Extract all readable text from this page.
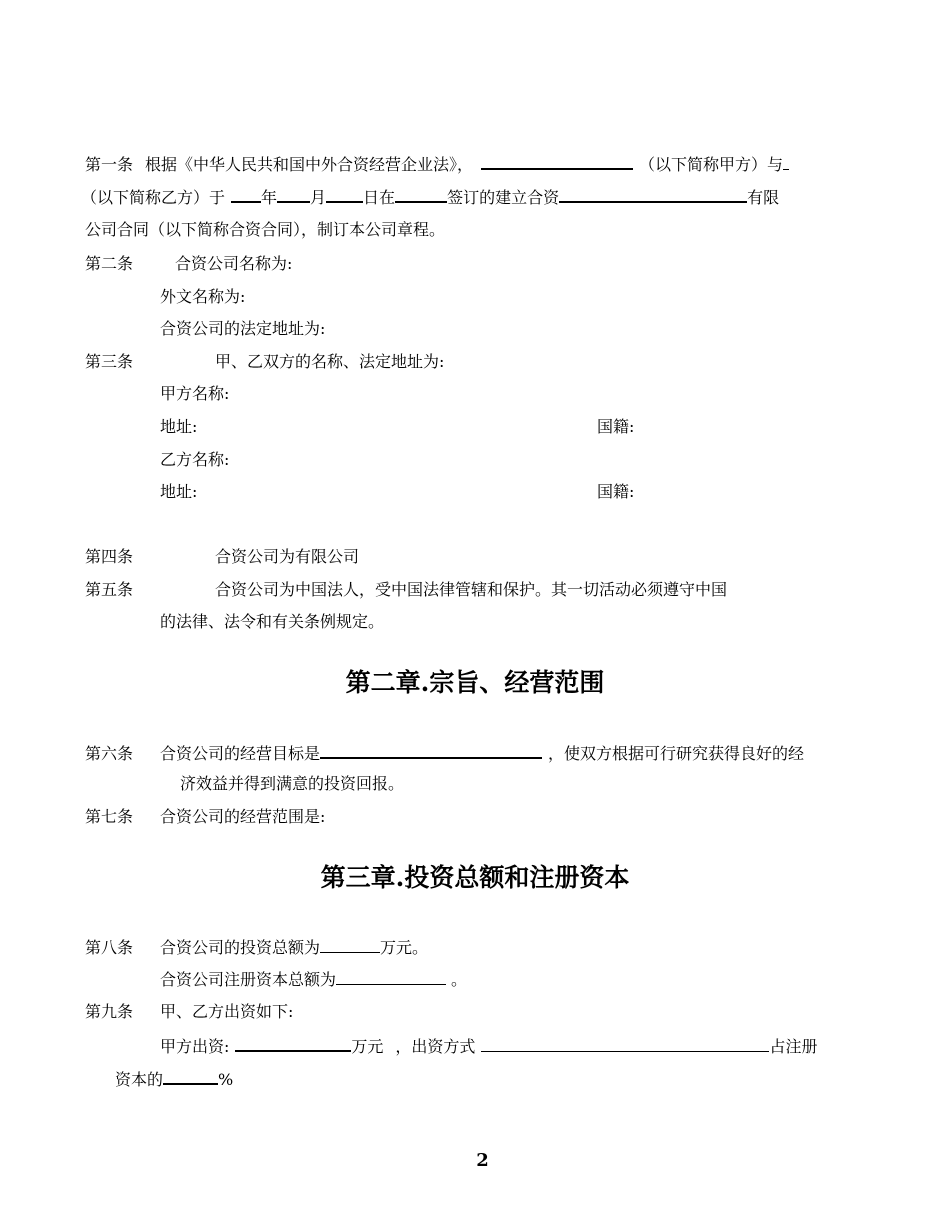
第一条 根据《中华人民共和国中外合资经营企业法》，	（以下简称甲方）与
（以下简称乙方）于 年 月 日在	签订的建立合资	有限
公司合同（以下简称合资合同），制订本公司章程。
第二条	合资公司名称为:
外文名称为:
合资公司的法定地址为:
第三条	甲、乙双方的名称、法定地址为:
甲方名称:
地址:	国籍:
乙方名称:
地址:	国籍:
第四条	合资公司为有限公司
第五条	合资公司为中国法人，受中国法律管辖和保护。其一切活动必须遵守中国
的法律、法令和有关条例规定。
第二章.宗旨、经营范围
第六条 合资公司的经营目标是	，使双方根据可行研究获得良好的经
济效益并得到满意的投资回报。
第七条 合资公司的经营范围是:
第三章.投资总额和注册资本
第八条 合资公司的投资总额为	万元。
合资公司注册资本总额为	。
第九条 甲、乙方出资如下:
甲方出资:	万元 ，出资方式	占注册
资本的	%
2
